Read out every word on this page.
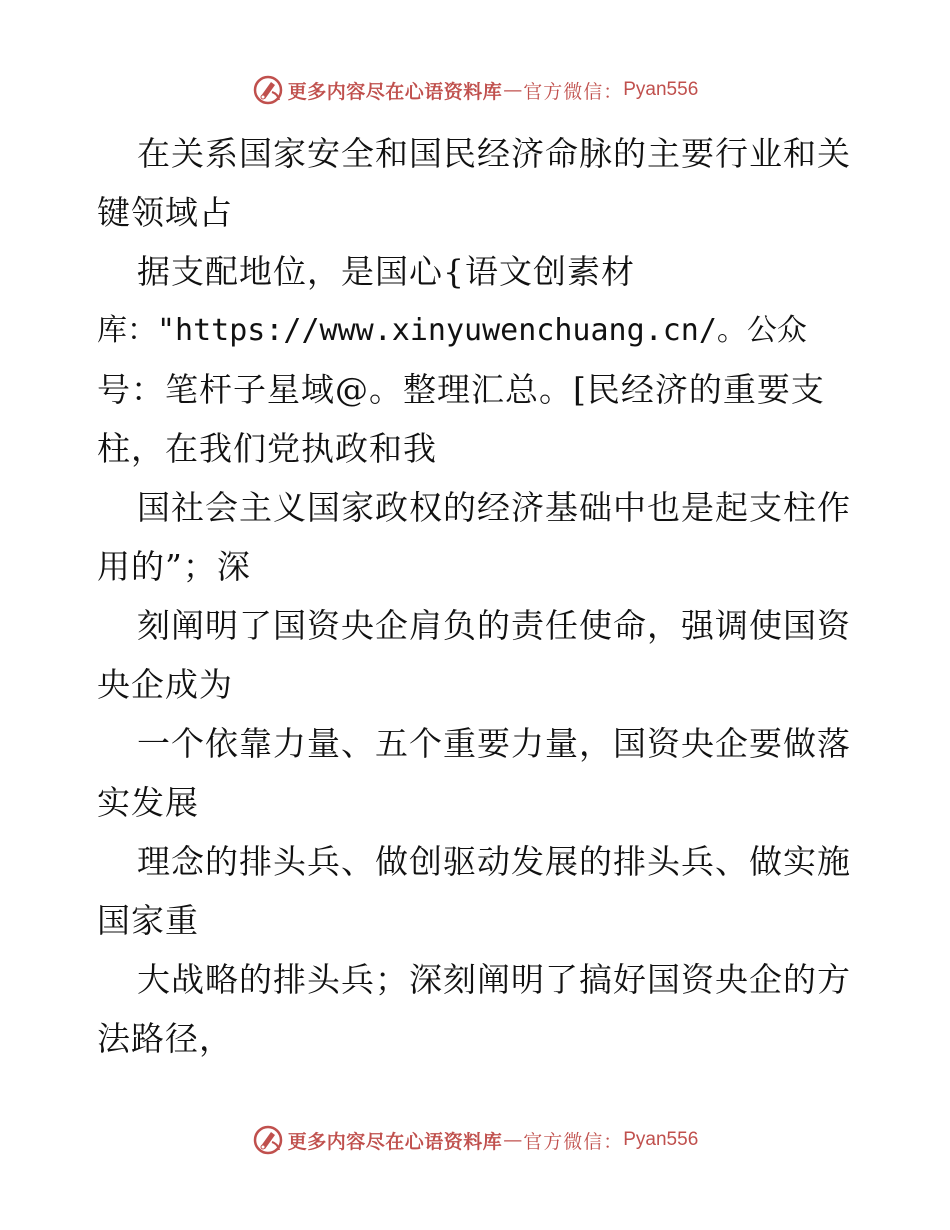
更多内容尽在心语资料库 — 官方微信： Pyan556
在关系国家安全和国民经济命脉的主要行业和关
键领域占
据支配地位，是国心{语文创素材
库："https://www.xinyuwenchuang.cn/。公众
号：笔杆子星域@。整理汇总。[民经济的重要支
柱，在我们党执政和我
国社会主义国家政权的经济基础中也是起支柱作
用的”；深
刻阐明了国资央企肩负的责任使命，强调使国资
央企成为
一个依靠力量、五个重要力量，国资央企要做落
实发展
理念的排头兵、做创驱动发展的排头兵、做实施
国家重
大战略的排头兵；深刻阐明了搞好国资央企的方
法路径，
更多内容尽在心语资料库 — 官方微信： Pyan556
